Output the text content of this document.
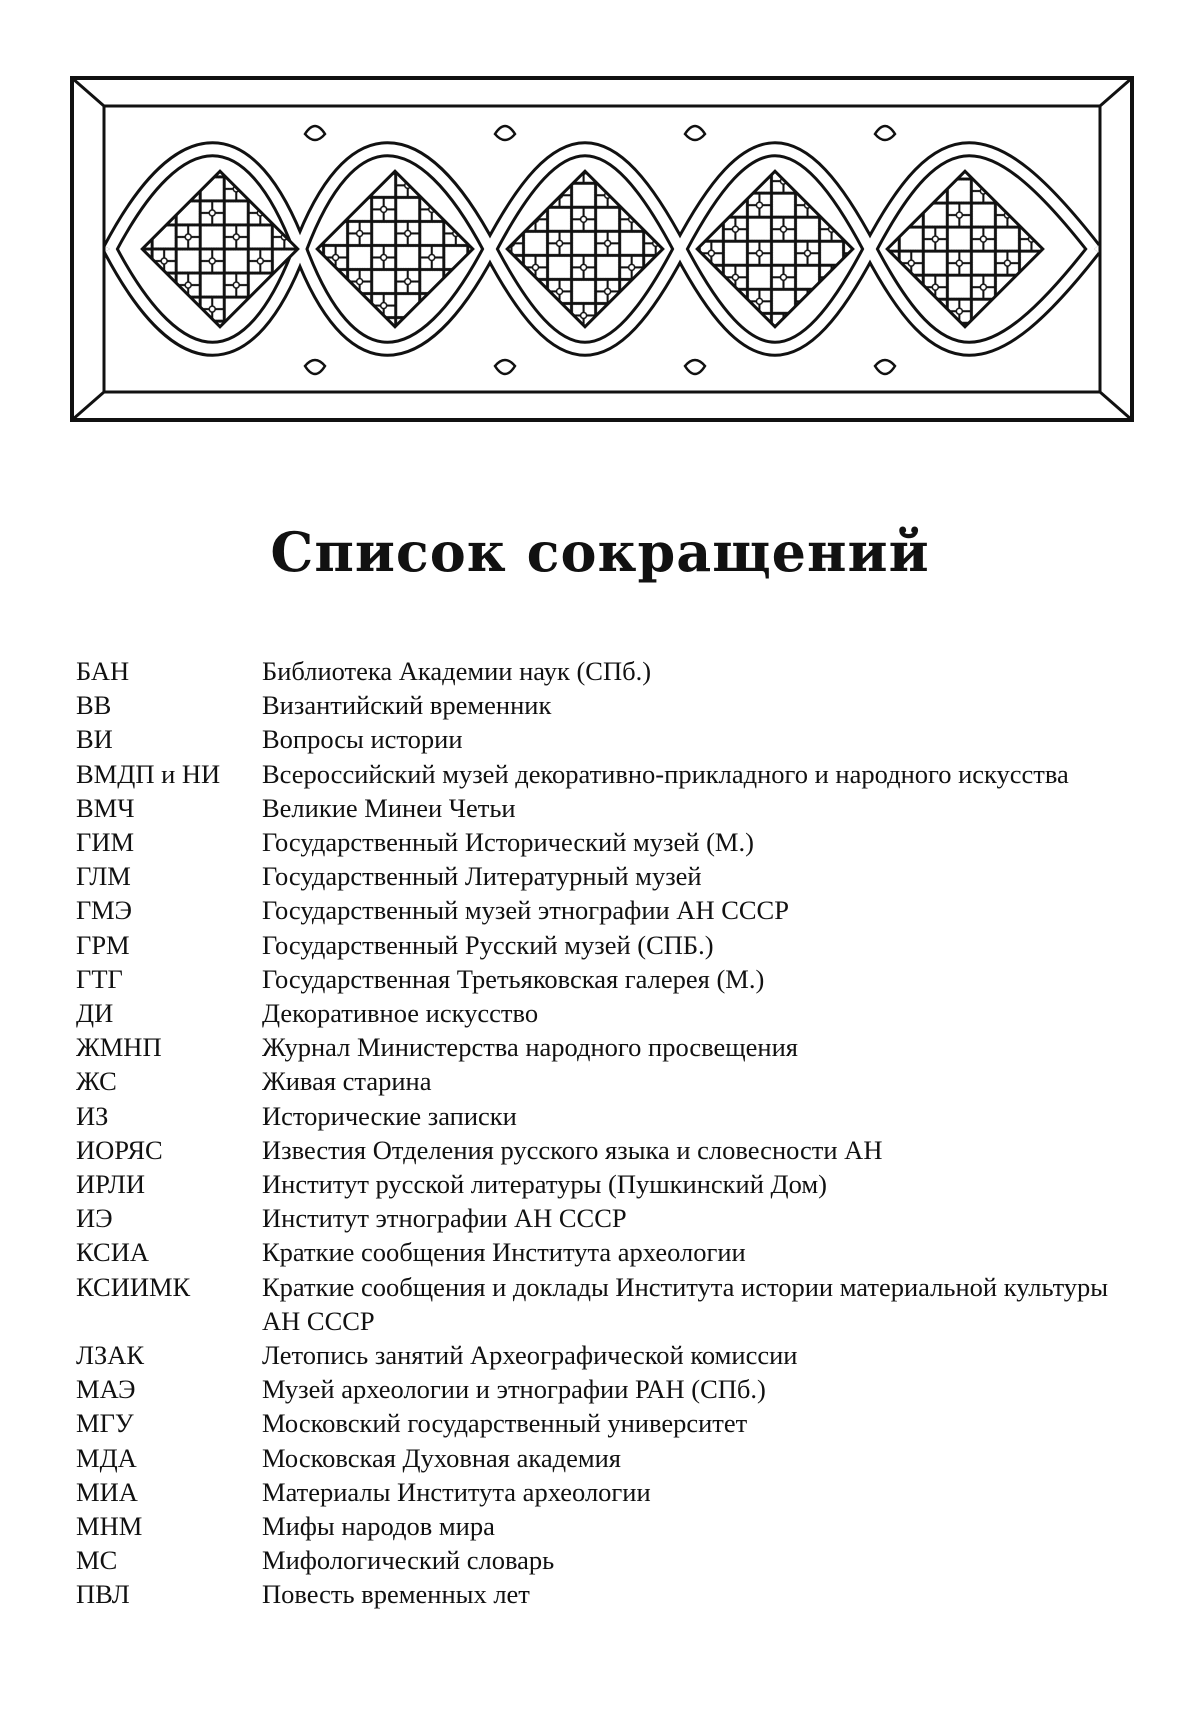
Список сокращений
БАН	Библиотека Академии наук (СПб.)
ВВ	Византийский временник
ВИ	Вопросы истории
ВМДП и НИ	Всероссийский музей декоративно-прикладного и народного искусства
ВМЧ	Великие Минеи Четьи
ГИМ	Государственный Исторический музей (М.)
ГЛМ	Государственный Литературный музей
ГМЭ	Государственный музей этнографии АН СССР
ГРМ	Государственный Русский музей (СПБ.)
ГТГ	Государственная Третьяковская галерея (М.)
ДИ	Декоративное искусство
ЖМНП	Журнал Министерства народного просвещения
ЖС	Живая старина
ИЗ	Исторические записки
ИОРЯС	Известия Отделения русского языка и словесности АН
ИРЛИ	Институт русской литературы (Пушкинский Дом)
ИЭ	Институт этнографии АН СССР
КСИА	Краткие сообщения Института археологии
КСИИМК	Краткие сообщения и доклады Института истории материальной культуры АН СССР
ЛЗАК	Летопись занятий Археографической комиссии
МАЭ	Музей археологии и этнографии РАН (СПб.)
МГУ	Московский государственный университет
МДА	Московская Духовная академия
МИА	Материалы Института археологии
МНМ	Мифы народов мира
МС	Мифологический словарь
ПВЛ	Повесть временных лет
